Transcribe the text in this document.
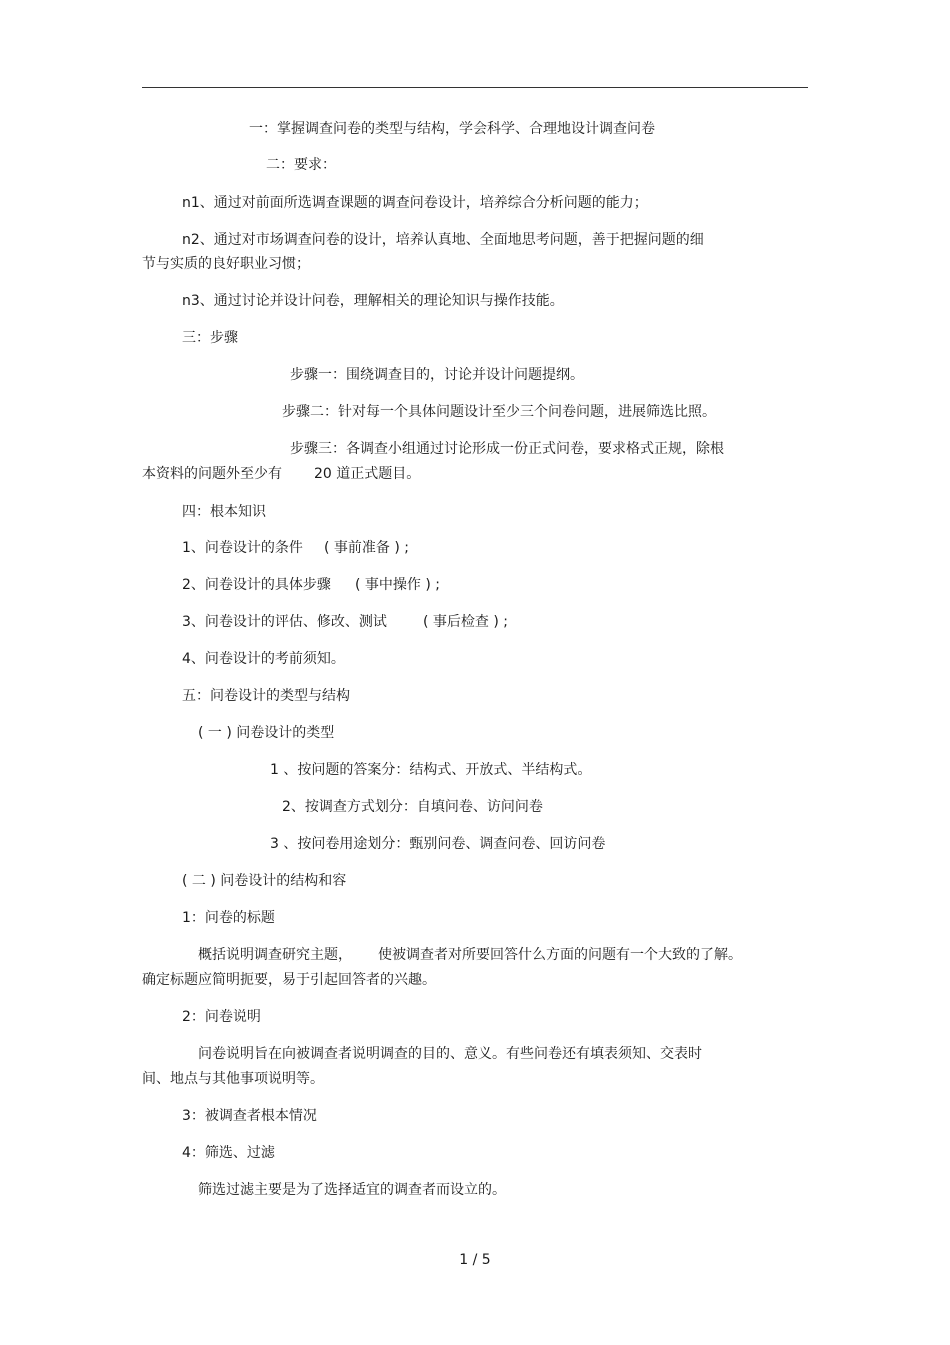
一：掌握调查问卷的类型与结构，学会科学、合理地设计调查问卷
二：要求：
n1、通过对前面所选调查课题的调查问卷设计，培养综合分析问题的能力；
n2、通过对市场调查问卷的设计，培养认真地、全面地思考问题，善于把握问题的细
节与实质的良好职业习惯；
n3、通过讨论并设计问卷，理解相关的理论知识与操作技能。
三：步骤
步骤一：围绕调查目的，讨论并设计问题提纲。
步骤二：针对每一个具体问题设计至少三个问卷问题，进展筛选比照。
步骤三：各调查小组通过讨论形成一份正式问卷，要求格式正规，除根
本资料的问题外至少有 20 道正式题目。
四：根本知识
1、问卷设计的条件 ( 事前准备 ) ;
2、问卷设计的具体步骤 ( 事中操作 ) ;
3、问卷设计的评估、修改、测试	( 事后检查 ) ;
4、问卷设计的考前须知。
五：问卷设计的类型与结构
( 一 ) 问卷设计的类型
1 、按问题的答案分：结构式、开放式、半结构式。
2、按调查方式划分：自填问卷、访问问卷
3 、按问卷用途划分：甄别问卷、调查问卷、回访问卷
( 二 ) 问卷设计的结构和容
1：问卷的标题
概括说明调查研究主题， 使被调查者对所要回答什么方面的问题有一个大致的了解。
确定标题应简明扼要，易于引起回答者的兴趣。
2：问卷说明
问卷说明旨在向被调查者说明调查的目的、意义。有些问卷还有填表须知、交表时
间、地点与其他事项说明等。
3：被调查者根本情况
4：筛选、过滤
筛选过滤主要是为了选择适宜的调查者而设立的。
1 / 5
